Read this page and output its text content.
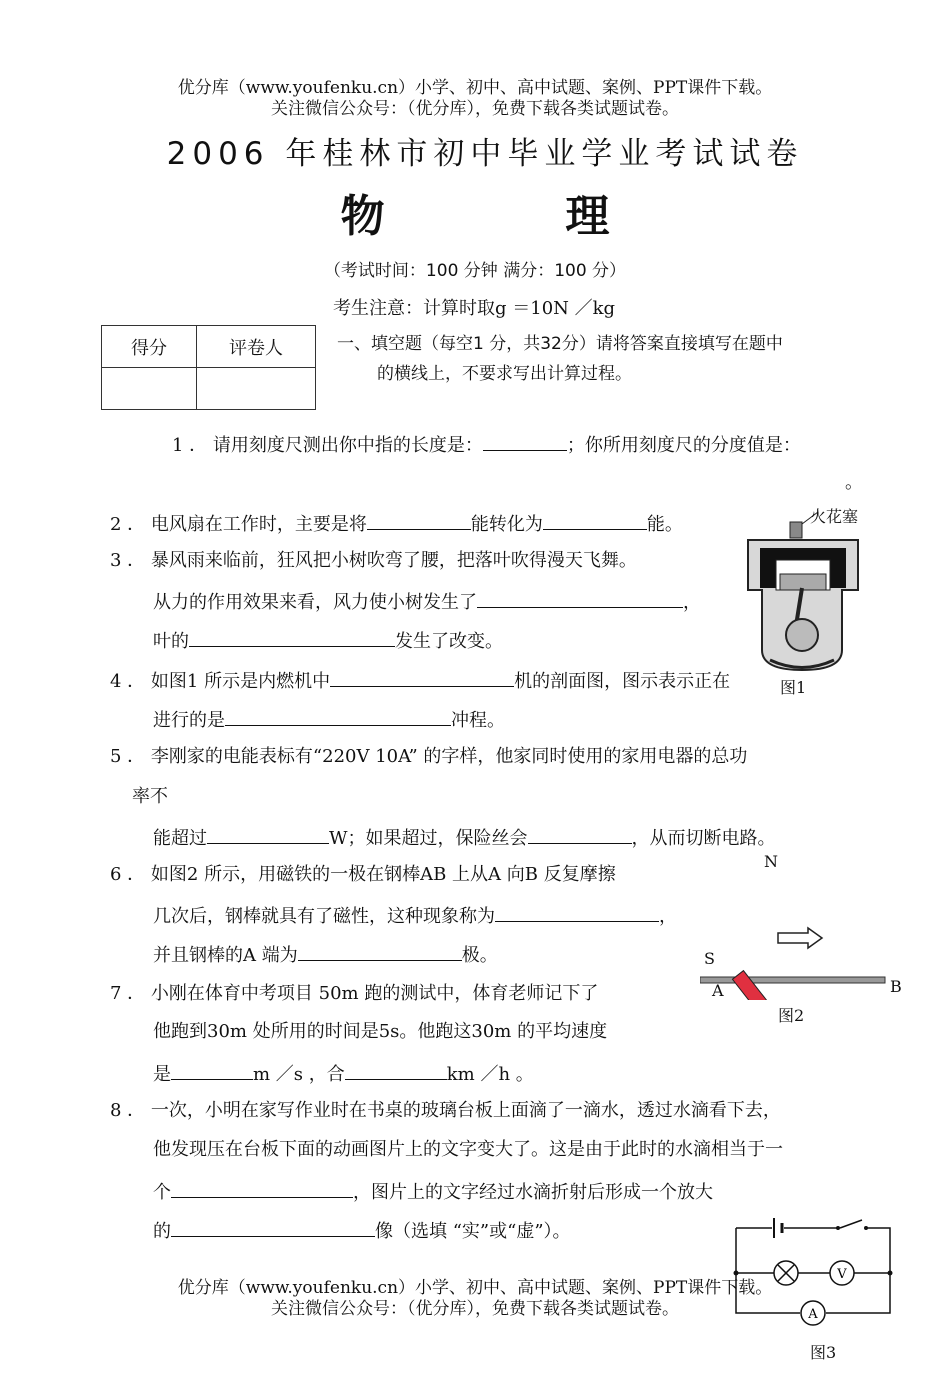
优分库（www.youfenku.cn）小学、初中、高中试题、案例、PPT课件下载。
关注微信公众号：（优分库），免费下载各类试题试卷。
2006 年桂林市初中毕业学业考试试卷
物	理
（考试时间：100 分钟 满分：100 分）
考生注意：计算时取g ＝10N ／kg
得分	评卷人
		一、填空题（每空1 分，共32分）请将答案直接填写在题中
的横线上，不要求写出计算过程。
1 ． 请用刻度尺测出你中指的长度是：	；你所用刻度尺的分度值是：
。
2 ． 电风扇在工作时，主要是将	能转化为	能。
3 ． 暴风雨来临前，狂风把小树吹弯了腰，把落叶吹得漫天飞舞。
从力的作用效果来看，风力使小树发生了	，
叶的	发生了改变。
4 ． 如图1 所示是内燃机中	机的剖面图，图示表示正在
进行的是	冲程。
5 ． 李刚家的电能表标有“220V 10A” 的字样，他家同时使用的家用电器的总功
率不
能超过	W；如果超过，保险丝会	，从而切断电路。
6 ． 如图2 所示，用磁铁的一极在钢棒AB 上从A 向B 反复摩擦
几次后，钢棒就具有了磁性，这种现象称为	，
并且钢棒的A 端为	极。
7 ． 小刚在体育中考项目 50m 跑的测试中，体育老师记下了
他跑到30m 处所用的时间是5s。他跑这30m 的平均速度
是	m ／s ，合	km ／h 。
8 ． 一次，小明在家写作业时在书桌的玻璃台板上面滴了一滴水，透过水滴看下去，
他发现压在台板下面的动画图片上的文字变大了。这是由于此时的水滴相当于一
个	，图片上的文字经过水滴折射后形成一个放大
的	像（选填 “实”或“虚”）。
火花塞
图1
N
S
A	B
图2
V
A
图3
优分库（www.youfenku.cn）小学、初中、高中试题、案例、PPT课件下载。
关注微信公众号：（优分库），免费下载各类试题试卷。
